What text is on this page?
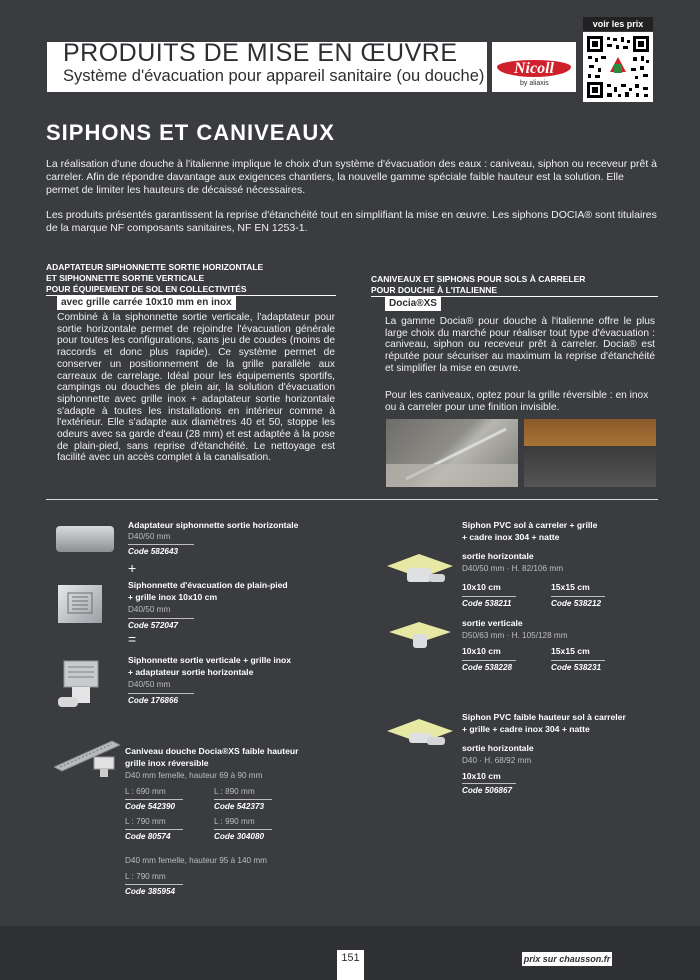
PRODUITS DE MISE EN ŒUVRE
Système d'évacuation pour appareil sanitaire (ou douche)	Nicoll
by aliaxis
voir les prix
SIPHONS ET CANIVEAUX
La réalisation d'une douche à l'italienne implique le choix d'un système d'évacuation des eaux : caniveau, siphon ou receveur prêt à carreler. Afin de répondre davantage aux exigences chantiers, la nouvelle gamme spéciale faible hauteur est la solution. Elle permet de limiter les hauteurs de décaissé nécessaires.
Les produits présentés garantissent la reprise d'étanchéité tout en simplifiant la mise en œuvre. Les siphons DOCIA® sont titulaires de la marque NF composants sanitaires, NF EN 1253-1.
ADAPTATEUR SIPHONNETTE SORTIE HORIZONTALE
ET SIPHONNETTE SORTIE VERTICALE
POUR ÉQUIPEMENT DE SOL EN COLLECTIVITÉS
avec grille carrée 10x10 mm en inox
Combiné à la siphonnette sortie verticale, l'adaptateur pour sortie horizontale permet de rejoindre l'évacuation générale pour toutes les configurations, sans jeu de coudes (moins de raccords et donc plus rapide). Ce système permet de conserver un positionnement de la grille parallèle aux carreaux de carrelage. Idéal pour les équipements sportifs, campings ou douches de plein air, la solution d'évacuation siphonnette avec grille inox + adaptateur sortie horizontale s'adapte à toutes les installations en intérieur comme à l'extérieur. Elle s'adapte aux diamètres 40 et 50, stoppe les odeurs avec sa garde d'eau (28 mm) et est adaptée à la pose de plain-pied, sans reprise d'étanchéité. Le nettoyage est facilité avec un accès complet à la canalisation.
CANIVEAUX ET SIPHONS POUR SOLS À CARRELER
POUR DOUCHE À L'ITALIENNE
Docia®XS
La gamme Docia® pour douche à l'italienne offre le plus large choix du marché pour réaliser tout type d'évacuation : caniveau, siphon ou receveur prêt à carreler. Docia® est réputée pour sécuriser au maximum la reprise d'étanchéité et simplifier la mise en œuvre.
Pour les caniveaux, optez pour la grille réversible : en inox ou à carreler pour une finition invisible.
Adaptateur siphonnette sortie horizontale
D40/50 mm
Code 582643
+
Siphonnette d'évacuation de plain-pied
+ grille inox 10x10 cm
D40/50 mm
Code 572047
=
Siphonnette sortie verticale + grille inox
+ adaptateur sortie horizontale
D40/50 mm
Code 176866
Caniveau douche Docia®XS faible hauteur
grille inox réversible
D40 mm femelle, hauteur 69 à 90 mm
L : 690 mm
Code 542390
L : 890 mm
Code 542373
L : 790 mm
Code 80574
L : 990 mm
Code 304080
D40 mm femelle, hauteur 95 à 140 mm
L : 790 mm
Code 385954
Siphon PVC sol à carreler + grille
+ cadre inox 304 + natte
sortie horizontale
D40/50 mm · H. 82/106 mm
10x10 cm
Code 538211
15x15 cm
Code 538212
sortie verticale
D50/63 mm · H. 105/128 mm
10x10 cm
Code 538228
15x15 cm
Code 538231
Siphon PVC faible hauteur sol à carreler
+ grille + cadre inox 304 + natte
sortie horizontale
D40 · H. 68/92 mm
10x10 cm
Code 506867
151	prix sur chausson.fr
